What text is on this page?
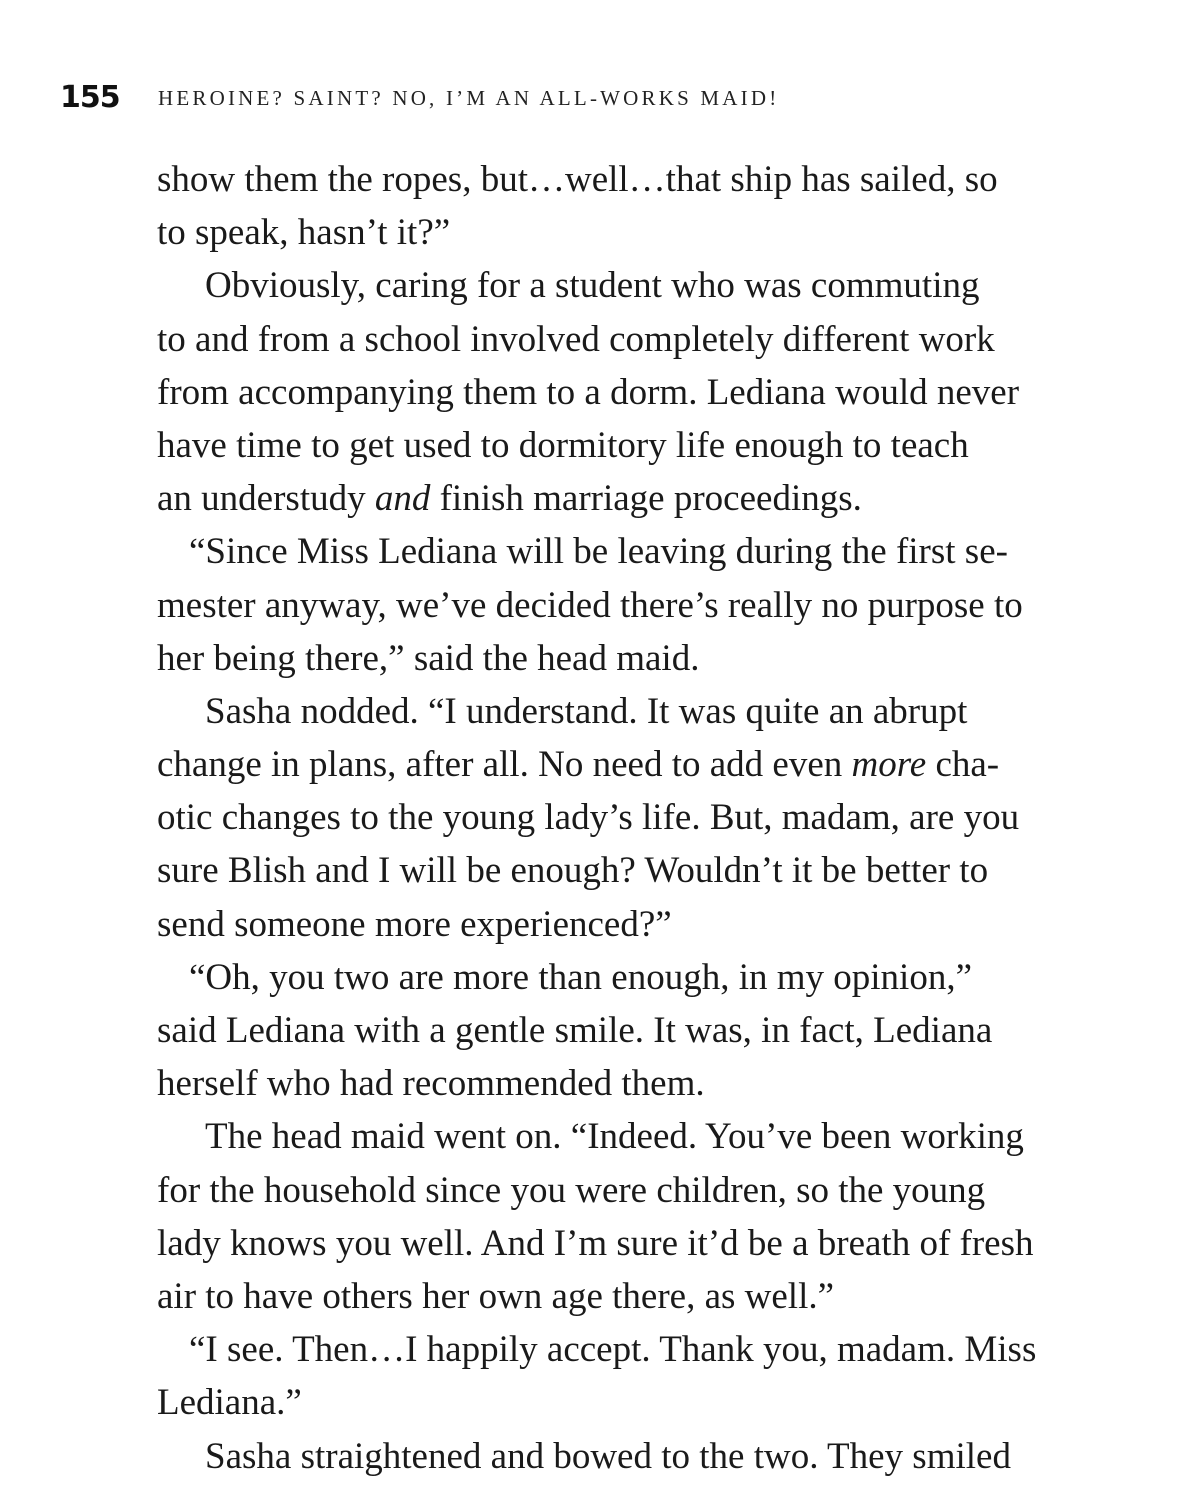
155 HEROINE? SAINT? NO, I’M AN ALL-WORKS MAID!
show them the ropes, but…well…that ship has sailed, so
to speak, hasn’t it?”
Obviously, caring for a student who was commuting
to and from a school involved completely different work
from accompanying them to a dorm. Lediana would never
have time to get used to dormitory life enough to teach
an understudy and finish marriage proceedings.
“Since Miss Lediana will be leaving during the first se-
mester anyway, we’ve decided there’s really no purpose to
her being there,” said the head maid.
Sasha nodded. “I understand. It was quite an abrupt
change in plans, after all. No need to add even more cha-
otic changes to the young lady’s life. But, madam, are you
sure Blish and I will be enough? Wouldn’t it be better to
send someone more experienced?”
“Oh, you two are more than enough, in my opinion,”
said Lediana with a gentle smile. It was, in fact, Lediana
herself who had recommended them.
The head maid went on. “Indeed. You’ve been working
for the household since you were children, so the young
lady knows you well. And I’m sure it’d be a breath of fresh
air to have others her own age there, as well.”
“I see. Then…I happily accept. Thank you, madam. Miss
Lediana.”
Sasha straightened and bowed to the two. They smiled
